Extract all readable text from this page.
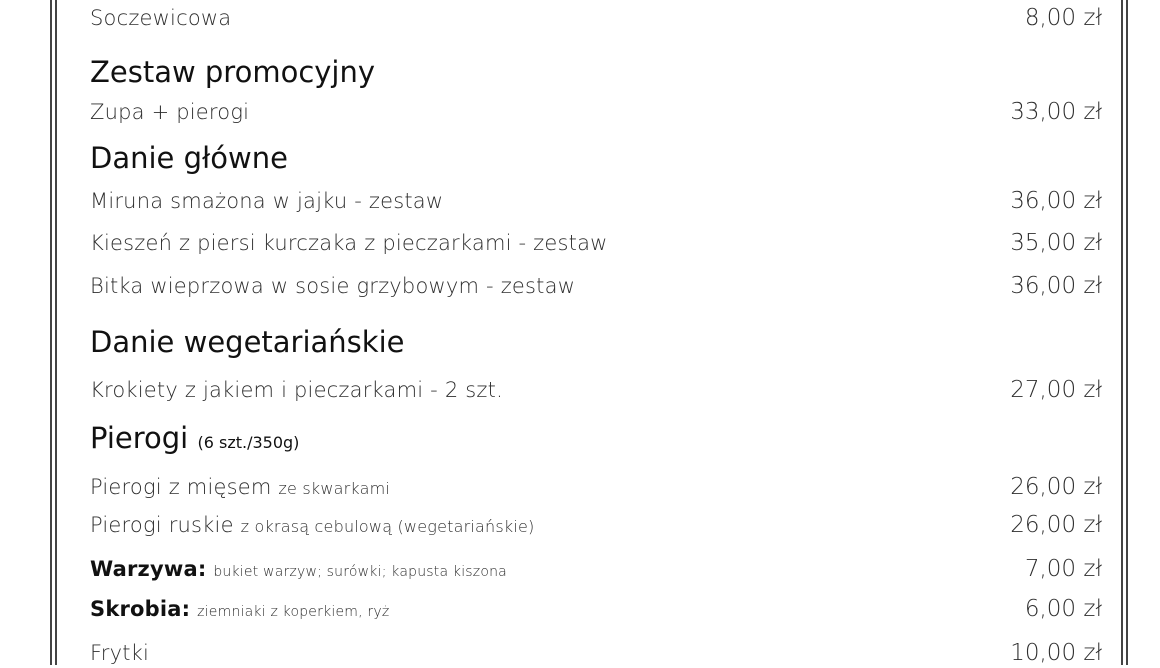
Soczewicowa	8,00 zł
Zestaw promocyjny
Zupa + pierogi	33,00 zł
Danie główne
Miruna smażona w jajku - zestaw	36,00 zł
Kieszeń z piersi kurczaka z pieczarkami - zestaw	35,00 zł
Bitka wieprzowa w sosie grzybowym - zestaw	36,00 zł
Danie wegetariańskie
Krokiety z jakiem i pieczarkami - 2 szt.	27,00 zł
Pierogi (6 szt./350g)
Pierogi z mięsem ze skwarkami	26,00 zł
Pierogi ruskie z okrasą cebulową (wegetariańskie)	26,00 zł
Warzywa: bukiet warzyw; surówki; kapusta kiszona	7,00 zł
Skrobia: ziemniaki z koperkiem, ryż	6,00 zł
Frytki	10,00 zł
